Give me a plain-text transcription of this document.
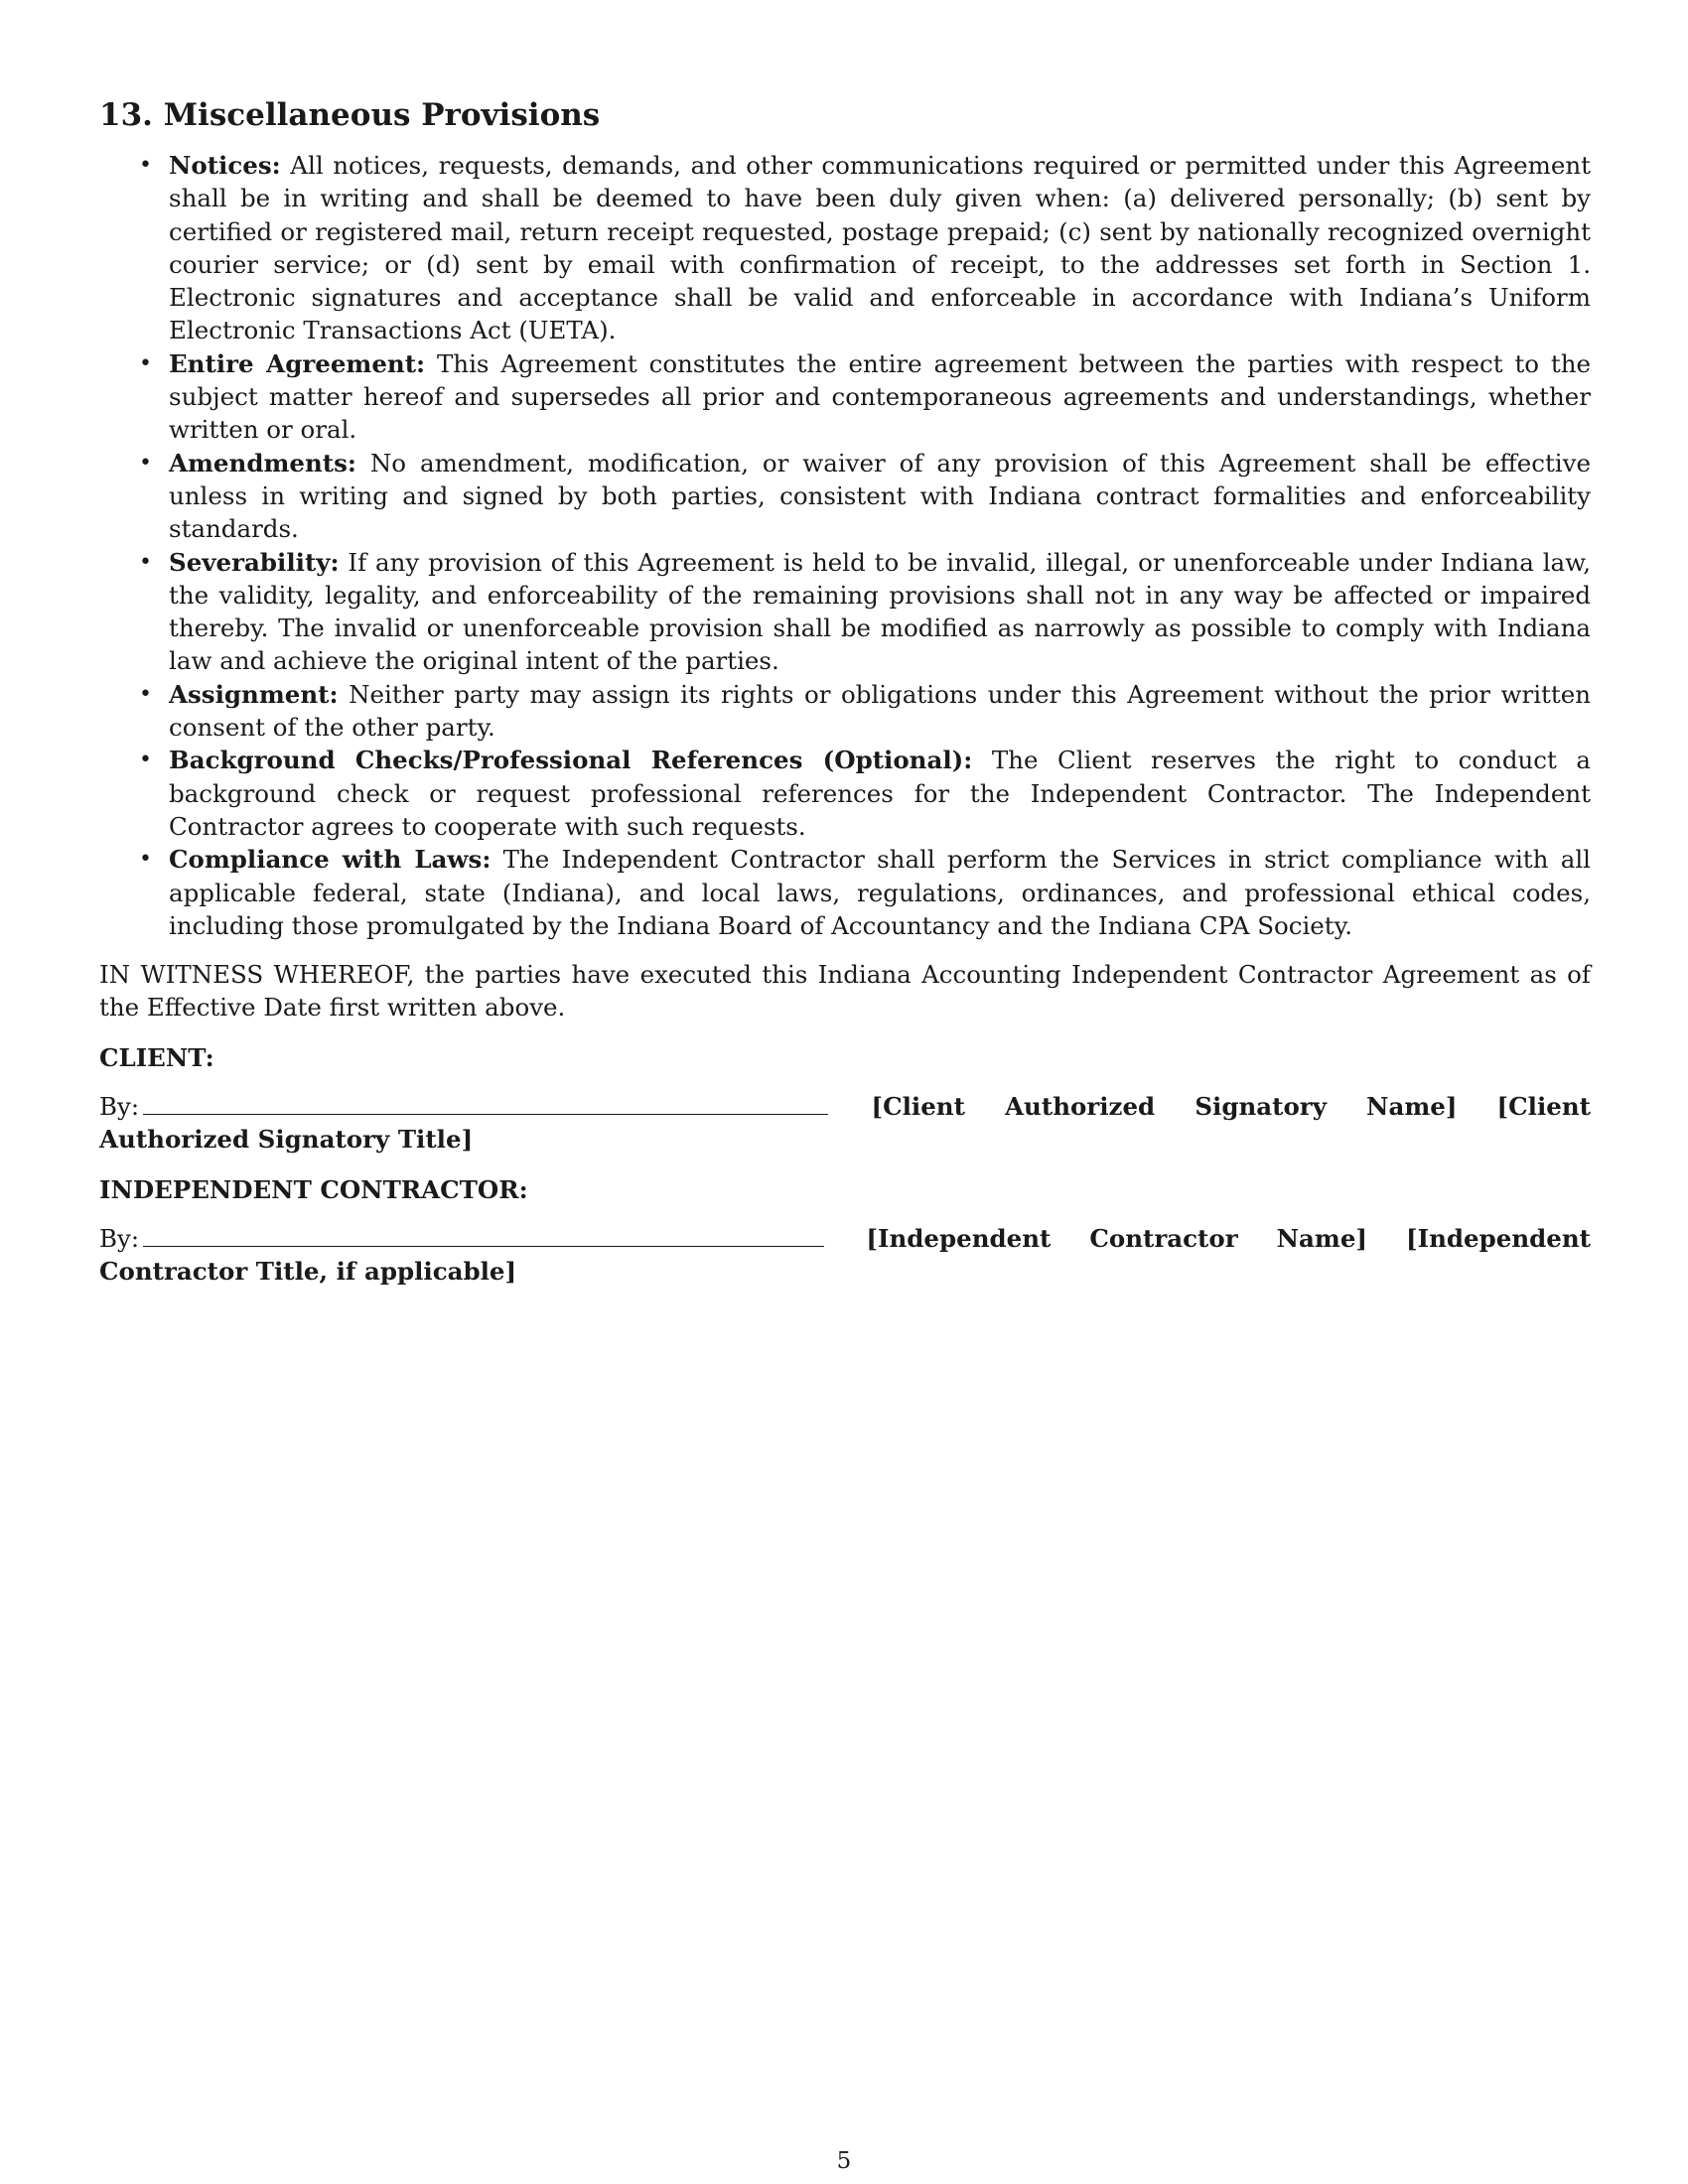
13. Miscellaneous Provisions
• Notices: All notices, requests, demands, and other communications required or permitted under this Agreement shall be in writing and shall be deemed to have been duly given when: (a) delivered personally; (b) sent by certified or registered mail, return receipt requested, postage prepaid; (c) sent by nationally recognized overnight courier service; or (d) sent by email with confirmation of receipt, to the addresses set forth in Section 1. Electronic signatures and acceptance shall be valid and enforceable in accordance with Indiana’s Uniform Electronic Transactions Act (UETA).
• Entire Agreement: This Agreement constitutes the entire agreement between the parties with respect to the subject matter hereof and supersedes all prior and contemporaneous agreements and understandings, whether written or oral.
• Amendments: No amendment, modification, or waiver of any provision of this Agreement shall be effective unless in writing and signed by both parties, consistent with Indiana contract formalities and enforceability standards.
• Severability: If any provision of this Agreement is held to be invalid, illegal, or unenforceable under Indiana law, the validity, legality, and enforceability of the remaining provisions shall not in any way be affected or impaired thereby. The invalid or unenforceable provision shall be modified as narrowly as possible to comply with Indiana law and achieve the original intent of the parties.
• Assignment: Neither party may assign its rights or obligations under this Agreement without the prior written consent of the other party.
• Background Checks/Professional References (Optional): The Client reserves the right to conduct a background check or request professional references for the Independent Contractor. The Independent Contractor agrees to cooperate with such requests.
• Compliance with Laws: The Independent Contractor shall perform the Services in strict compliance with all applicable federal, state (Indiana), and local laws, regulations, ordinances, and professional ethical codes, including those promulgated by the Indiana Board of Accountancy and the Indiana CPA Society.

IN WITNESS WHEREOF, the parties have executed this Indiana Accounting Independent Contractor Agreement as of the Effective Date first written above.

CLIENT:
By:	[Client Authorized Signatory Name] [Client Authorized Signatory Title]
INDEPENDENT CONTRACTOR:
By:	[Independent Contractor Name] [Independent Contractor Title, if applicable]
5
